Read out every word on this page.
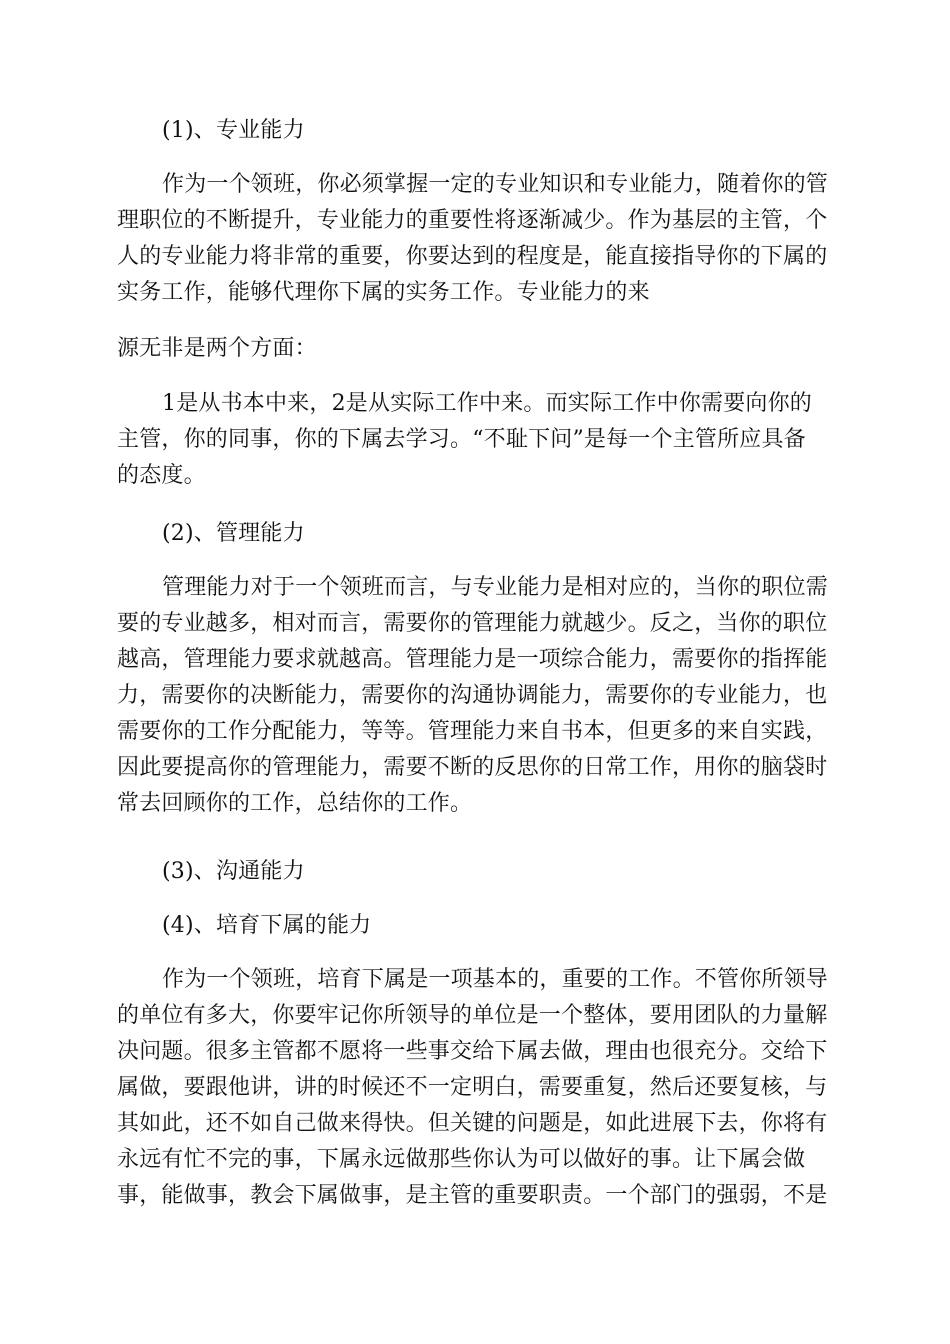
(1)、专业能力
作为一个领班，你必须掌握一定的专业知识和专业能力，随着你的管
理职位的不断提升，专业能力的重要性将逐渐减少。作为基层的主管，个
人的专业能力将非常的重要，你要达到的程度是，能直接指导你的下属的
实务工作，能够代理你下属的实务工作。专业能力的来
源无非是两个方面：
1是从书本中来，2是从实际工作中来。而实际工作中你需要向你的
主管，你的同事，你的下属去学习。“不耻下问”是每一个主管所应具备
的态度。
(2)、管理能力
管理能力对于一个领班而言，与专业能力是相对应的，当你的职位需
要的专业越多，相对而言，需要你的管理能力就越少。反之，当你的职位
越高，管理能力要求就越高。管理能力是一项综合能力，需要你的指挥能
力，需要你的决断能力，需要你的沟通协调能力，需要你的专业能力，也
需要你的工作分配能力，等等。管理能力来自书本，但更多的来自实践，
因此要提高你的管理能力，需要不断的反思你的日常工作，用你的脑袋时
常去回顾你的工作，总结你的工作。
(3)、沟通能力
(4)、培育下属的能力
作为一个领班，培育下属是一项基本的，重要的工作。不管你所领导
的单位有多大，你要牢记你所领导的单位是一个整体，要用团队的力量解
决问题。很多主管都不愿将一些事交给下属去做，理由也很充分。交给下
属做，要跟他讲，讲的时候还不一定明白，需要重复，然后还要复核，与
其如此，还不如自己做来得快。但关键的问题是，如此进展下去，你将有
永远有忙不完的事，下属永远做那些你认为可以做好的事。让下属会做
事，能做事，教会下属做事，是主管的重要职责。一个部门的强弱，不是
